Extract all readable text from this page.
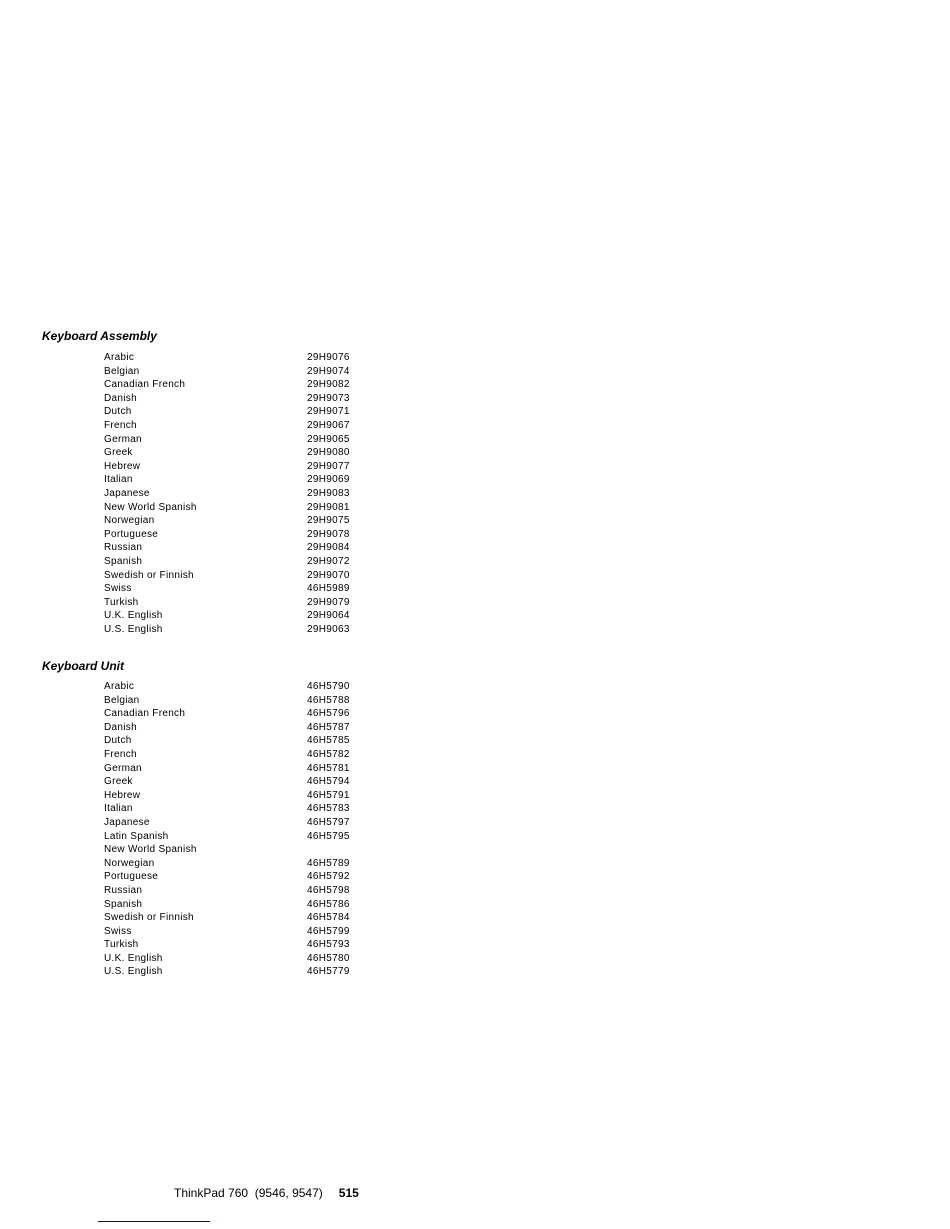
Keyboard Assembly
Arabic	29H9076
Belgian	29H9074
Canadian French	29H9082
Danish	29H9073
Dutch	29H9071
French	29H9067
German	29H9065
Greek	29H9080
Hebrew	29H9077
Italian	29H9069
Japanese	29H9083
New World Spanish	29H9081
Norwegian	29H9075
Portuguese	29H9078
Russian	29H9084
Spanish	29H9072
Swedish or Finnish	29H9070
Swiss	46H5989
Turkish	29H9079
U.K. English	29H9064
U.S. English	29H9063
Keyboard Unit
Arabic	46H5790
Belgian	46H5788
Canadian French	46H5796
Danish	46H5787
Dutch	46H5785
French	46H5782
German	46H5781
Greek	46H5794
Hebrew	46H5791
Italian	46H5783
Japanese	46H5797
Latin Spanish	46H5795
New World Spanish
Norwegian	46H5789
Portuguese	46H5792
Russian	46H5798
Spanish	46H5786
Swedish or Finnish	46H5784
Swiss	46H5799
Turkish	46H5793
U.K. English	46H5780
U.S. English	46H5779
ThinkPad 760  (9546, 9547) 515
